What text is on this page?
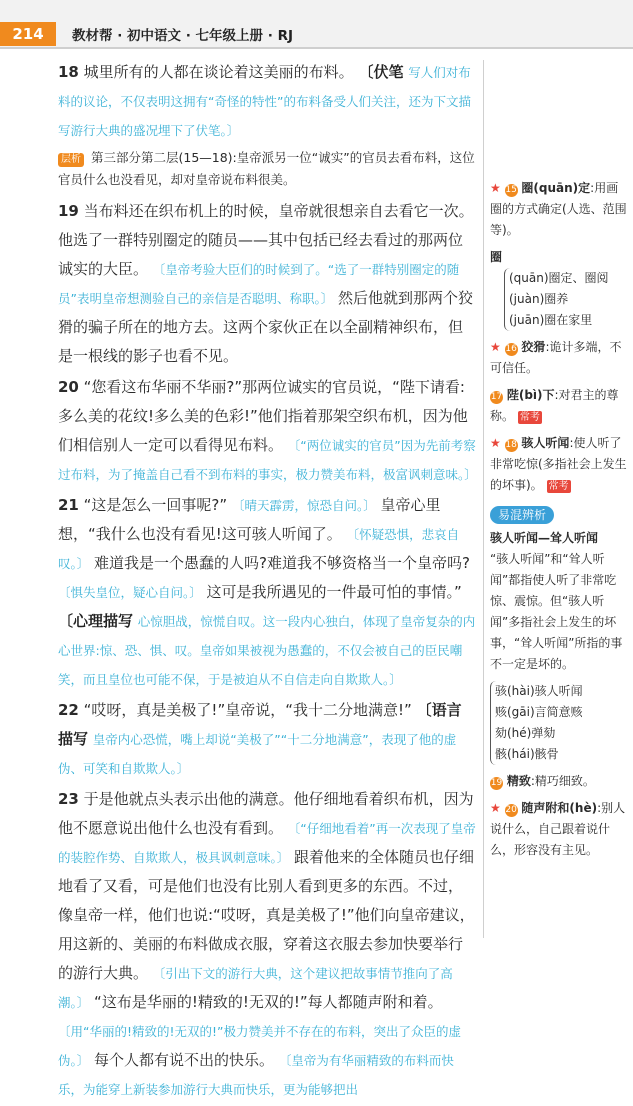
214	教材帮 · 初中语文 · 七年级上册 · RJ

18 城里所有的人都在谈论着这美丽的布料。 〔伏笔 写人们对布料的议论，不仅表明这拥有“奇怪的特性”的布料备受人们关注，还为下文描写游行大典的盛况埋下了伏笔。〕

层析 第三部分第二层(15—18):皇帝派另一位“诚实”的官员去看布料，这位官员什么也没看见，却对皇帝说布料很美。

19 当布料还在织布机上的时候，皇帝就很想亲自去看它一次。他选了一群特别圈定的随员——其中包括已经去看过的那两位诚实的大臣。 〔皇帝考验大臣们的时候到了。“选了一群特别圈定的随员”表明皇帝想测验自己的亲信是否聪明、称职。〕 然后他就到那两个狡猾的骗子所在的地方去。这两个家伙正在以全副精神织布，但是一根线的影子也看不见。

20 “您看这布华丽不华丽?”那两位诚实的官员说，“陛下请看:多么美的花纹!多么美的色彩!”他们指着那架空织布机，因为他们相信别人一定可以看得见布料。 〔“两位诚实的官员”因为先前考察过布料，为了掩盖自己看不到布料的事实，极力赞美布料，极富讽刺意味。〕

21 “这是怎么一回事呢?” 〔晴天霹雳，惊恐自问。〕 皇帝心里想，“我什么也没有看见!这可骇人听闻了。 〔怀疑恐惧，悲哀自叹。〕 难道我是一个愚蠢的人吗?难道我不够资格当一个皇帝吗? 〔惧失皇位，疑心自问。〕 这可是我所遇见的一件最可怕的事情。” 〔心理描写 心惊胆战，惊慌自叹。这一段内心独白，体现了皇帝复杂的内心世界:惊、恐、惧、叹。皇帝如果被视为愚蠢的，不仅会被自己的臣民嘲笑，而且皇位也可能不保，于是被迫从不自信走向自欺欺人。〕

22 “哎呀，真是美极了!”皇帝说，“我十二分地满意!” 〔语言描写 皇帝内心恐慌，嘴上却说“美极了”“十二分地满意”，表现了他的虚伪、可笑和自欺欺人。〕

23 于是他就点头表示出他的满意。他仔细地看着织布机，因为他不愿意说出他什么也没有看到。 〔“仔细地看着”再一次表现了皇帝的装腔作势、自欺欺人，极具讽刺意味。〕 跟着他来的全体随员也仔细地看了又看，可是他们也没有比别人看到更多的东西。不过，像皇帝一样，他们也说:“哎呀，真是美极了!”他们向皇帝建议，用这新的、美丽的布料做成衣服，穿着这衣服去参加快要举行的游行大典。 〔引出下文的游行大典，这个建议把故事情节推向了高潮。〕 “这布是华丽的!精致的!无双的!”每人都随声附和着。 〔用“华丽的!精致的!无双的!”极力赞美并不存在的布料，突出了众臣的虚伪。〕 每个人都有说不出的快乐。 〔皇帝为有华丽精致的布料而快乐，为能穿上新装参加游行大典而快乐，更为能够把出

★ 15 圈(quān)定:用画圈的方式确定(人选、范围等)。
圈
(quān)圈定、圈阅
(juàn)圈养
(juān)圈在家里
★ 16 狡猾:诡计多端，不可信任。
17 陛(bì)下:对君主的尊称。 常考
★ 18 骇人听闻:使人听了非常吃惊(多指社会上发生的坏事)。 常考
易混辨析
骇人听闻—耸人听闻
“骇人听闻”和“耸人听闻”都指使人听了非常吃惊、震惊。但“骇人听闻”多指社会上发生的坏事，“耸人听闻”所指的事不一定是坏的。
骇(hài)骇人听闻
赅(gāi)言简意赅
劾(hé)弹劾
骸(hái)骸骨
19 精致:精巧细致。
★ 20 随声附和(hè):别人说什么，自己跟着说什么，形容没有主见。
